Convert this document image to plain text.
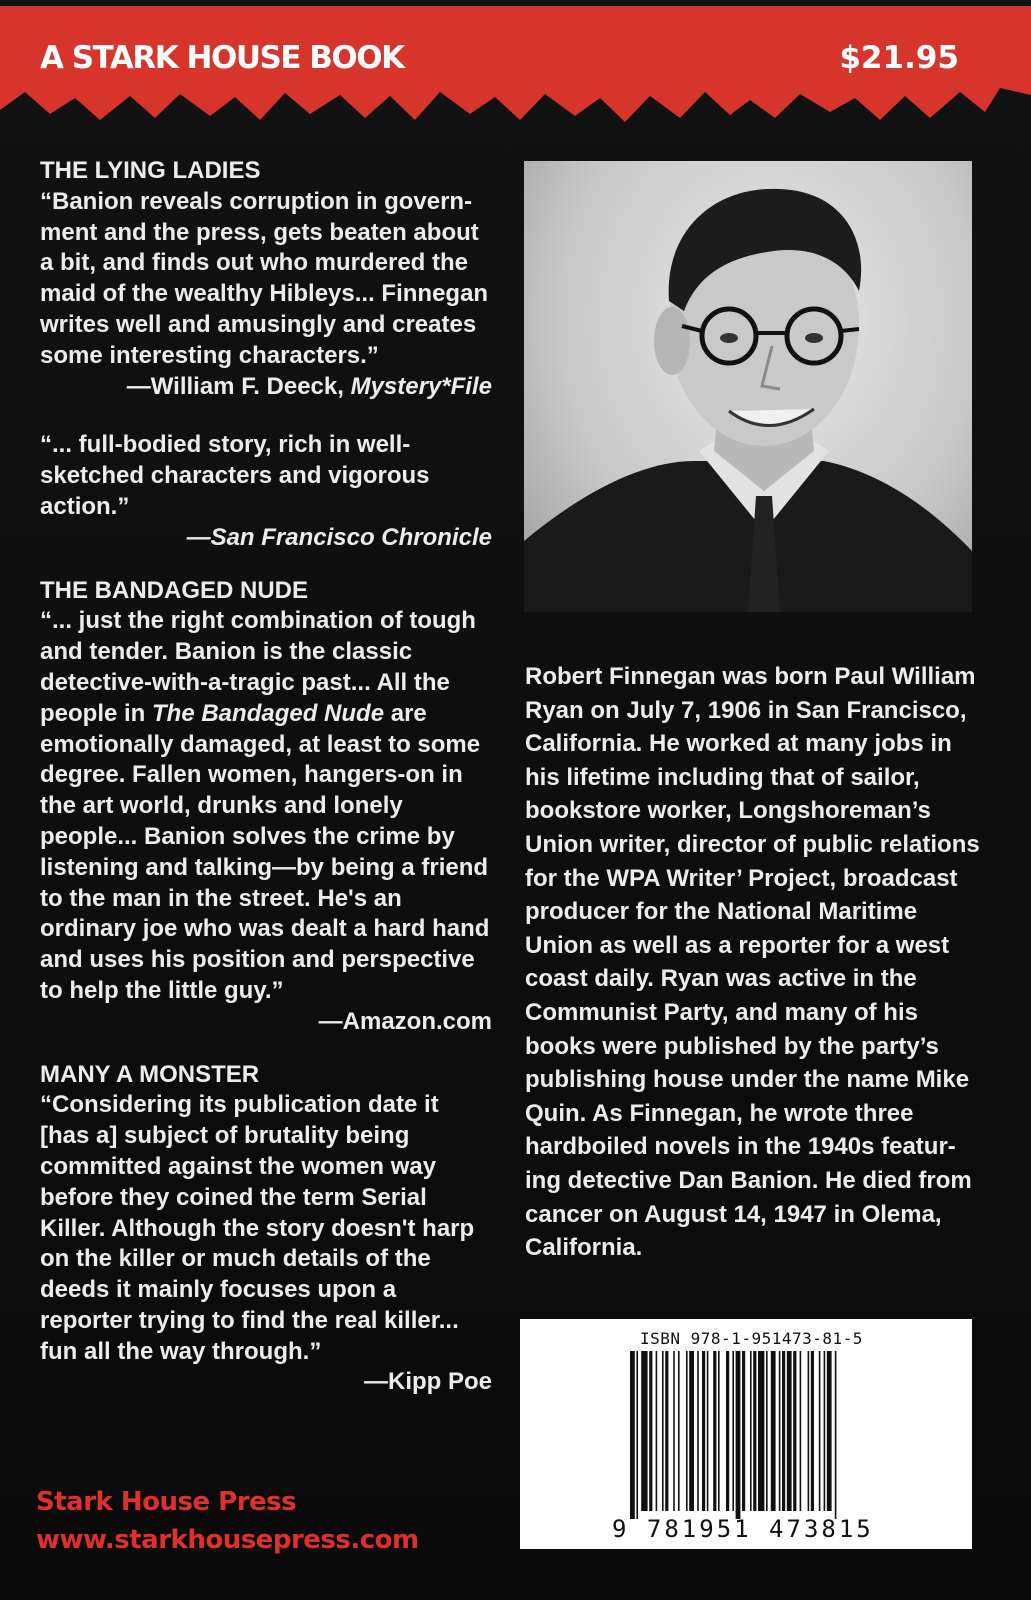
A STARK HOUSE BOOK	$21.95
THE LYING LADIES

“Banion reveals corruption in govern-ment and the press, gets beaten about a bit, and finds out who murdered the maid of the wealthy Hibleys... Finnegan writes well and amusingly and creates some interesting characters.”

—William F. Deeck, Mystery*File

“... full-bodied story, rich in well-sketched characters and vigorous action.”

—San Francisco Chronicle

THE BANDAGED NUDE

“... just the right combination of tough and tender. Banion is the classic detective-with-a-tragic past... All the people in The Bandaged Nude are emotionally damaged, at least to some degree. Fallen women, hangers-on in the art world, drunks and lonely people... Banion solves the crime by listening and talking—by being a friend to the man in the street. He's an ordinary joe who was dealt a hard hand and uses his position and perspective to help the little guy.”

—Amazon.com

MANY A MONSTER

“Considering its publication date it [has a] subject of brutality being committed against the women way before they coined the term Serial Killer. Although the story doesn't harp on the killer or much details of the deeds it mainly focuses upon a reporter trying to find the real killer... fun all the way through.”

—Kipp Poe

Robert Finnegan was born Paul William Ryan on July 7, 1906 in San Francisco, California. He worked at many jobs in his lifetime including that of sailor, bookstore worker, Longshoreman’s Union writer, director of public relations for the WPA Writer’ Project, broadcast producer for the National Maritime Union as well as a reporter for a west coast daily. Ryan was active in the Communist Party, and many of his books were published by the party’s publishing house under the name Mike Quin. As Finnegan, he wrote three hardboiled novels in the 1940s featur-ing detective Dan Banion. He died from cancer on August 14, 1947 in Olema, California.

Stark House Press
www.starkhousepress.com
ISBN 978-1-951473-81-5
9 781951 473815
